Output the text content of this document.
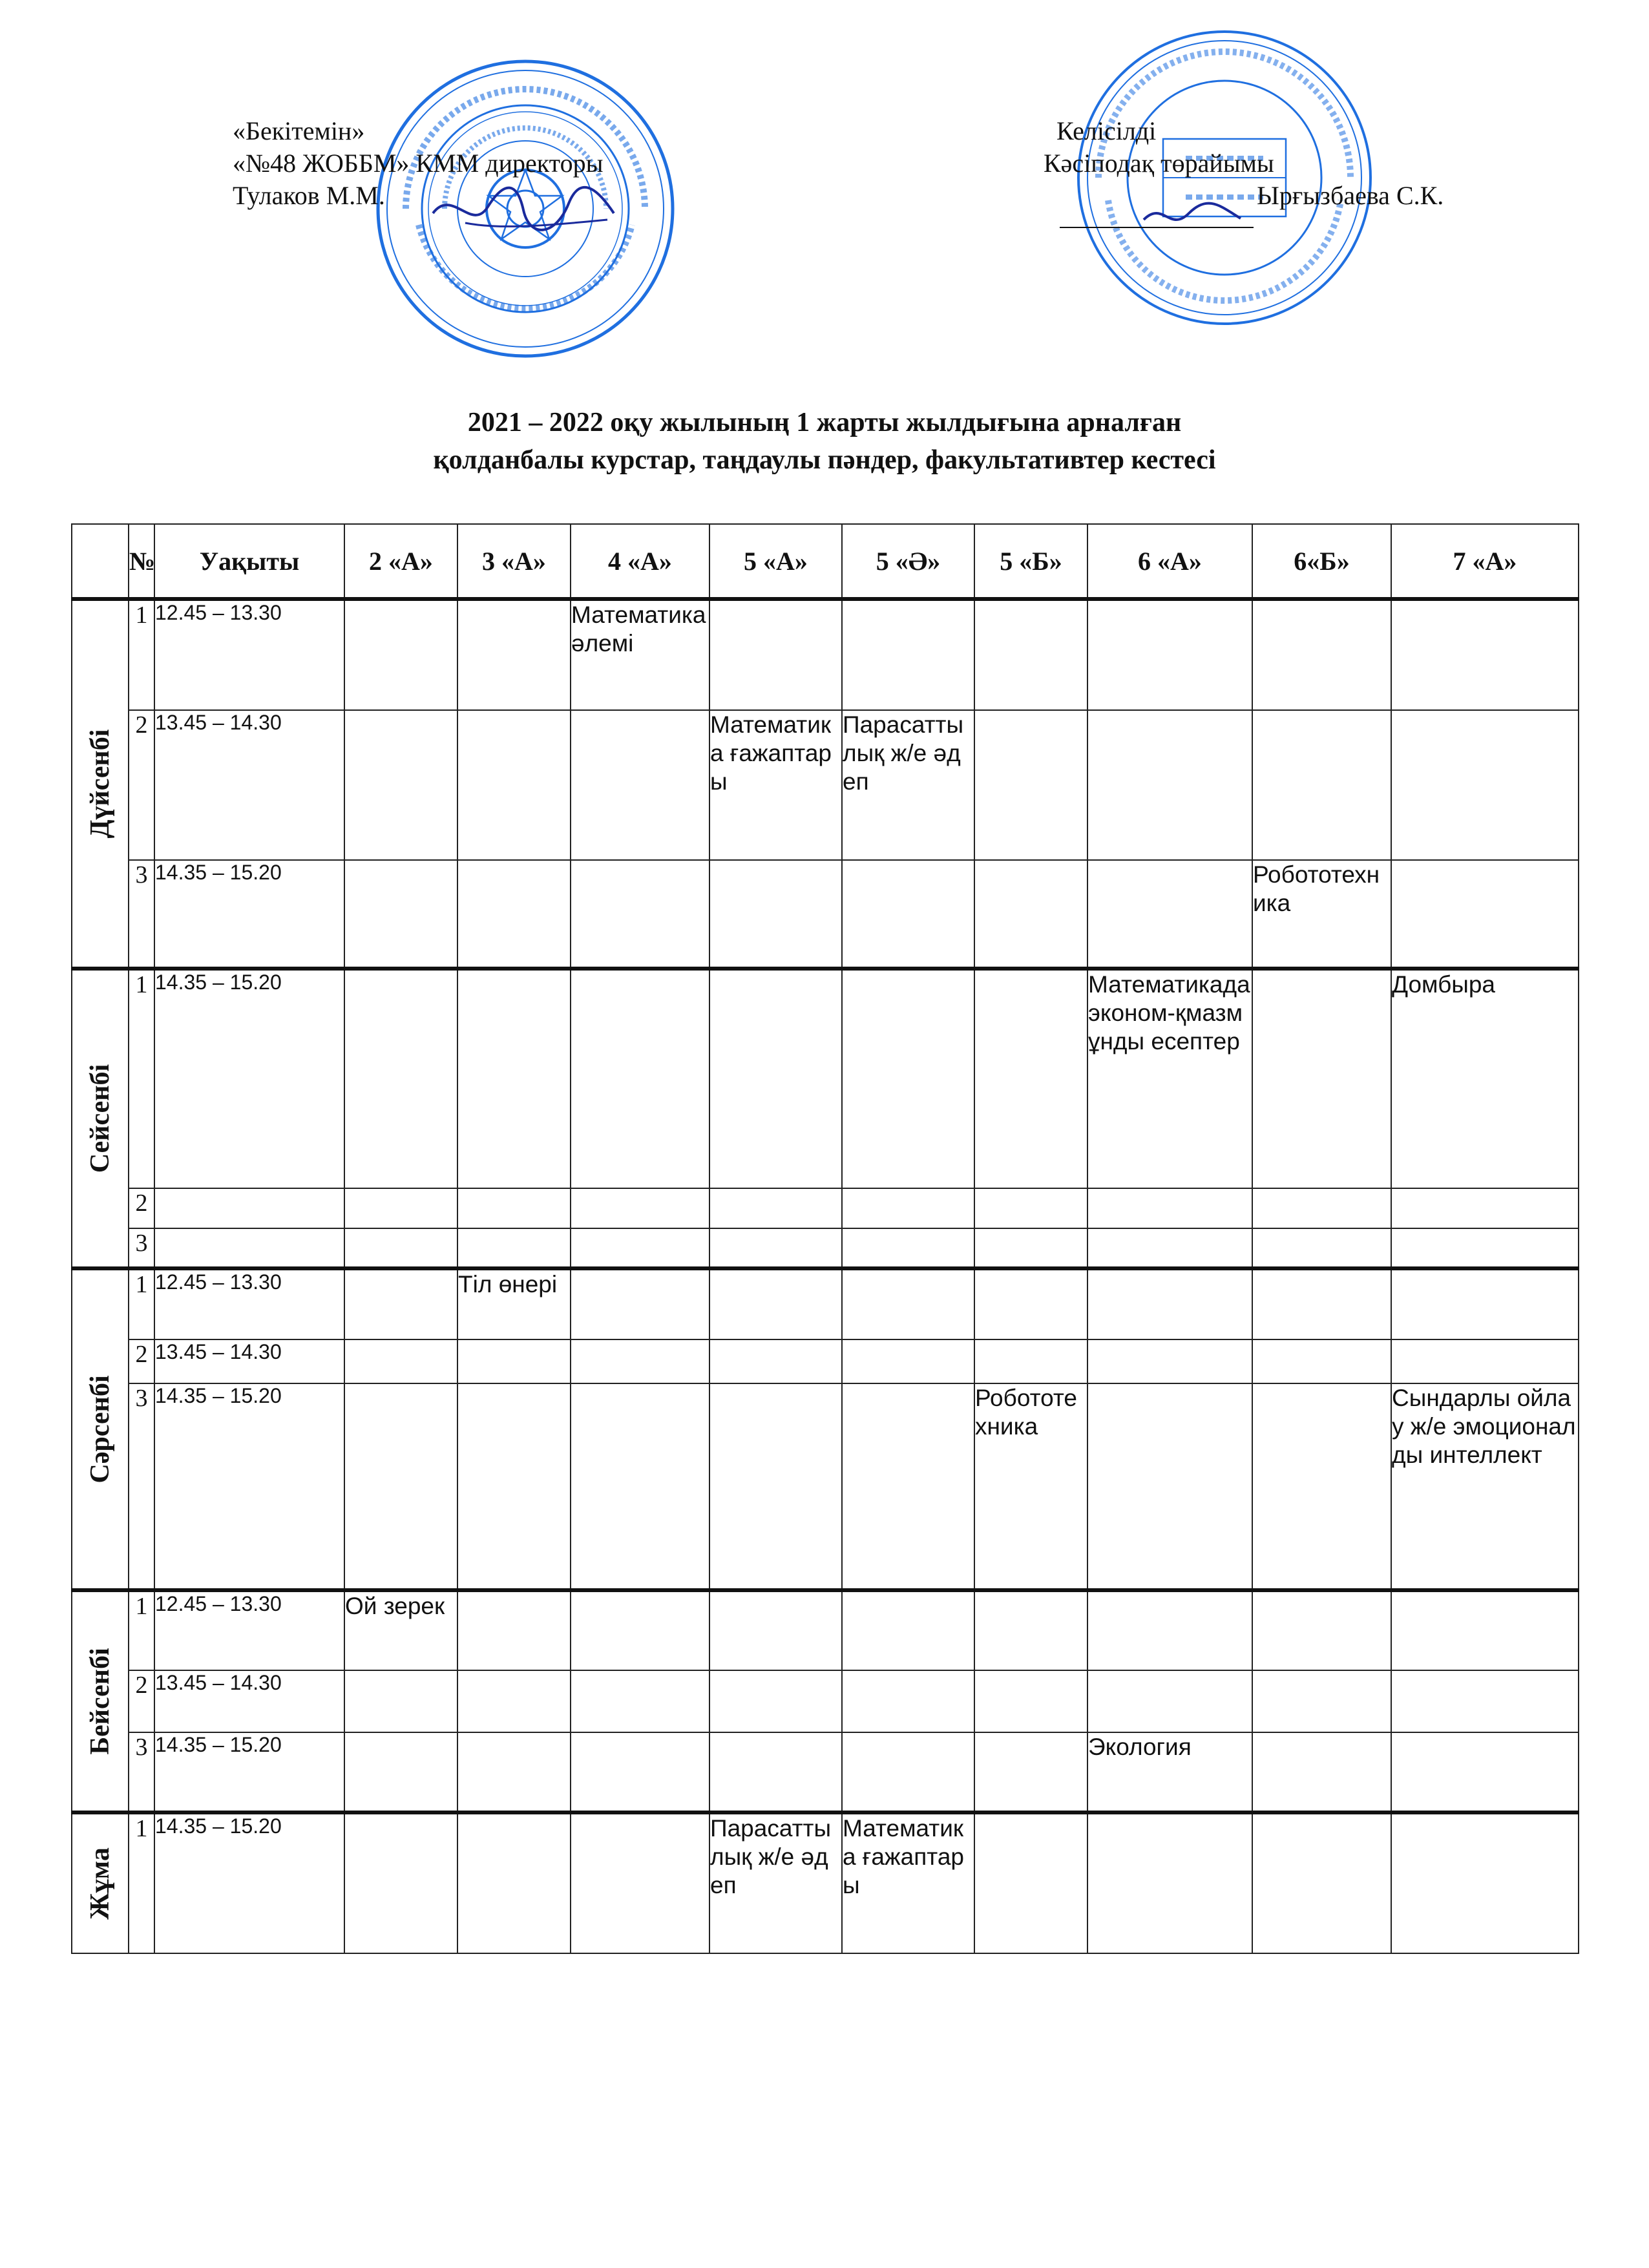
«Бекітемін»
«№48 ЖОББМ» КММ директоры
Тулаков М.М.
Келісілді
Кәсіподақ төрайымы
Ырғызбаева С.К.
2021 – 2022 оқу жылының 1 жарты жылдығына арналған
қолданбалы курстар, таңдаулы пәндер, факультативтер кестесі
	№	Уақыты	2 «А»	3 «А»	4 «А»	5 «А»	5 «Ә»	5 «Б»	6 «А»	6«Б»	7 «А»

Дүйсенбі	1	12.45 – 13.30			Математика әлемі						
	2	13.45 – 14.30				Математика ғажаптары	Парасаттылық ж/е әдеп				
	3	14.35 – 15.20								Робототехника	

Сейсенбі	1	14.35 – 15.20							Математикада эконом-қмазмұнды есептер		Домбыра
	2										
	3										

Сәрсенбі	1	12.45 – 13.30		Тіл өнері							
	2	13.45 – 14.30									
	3	14.35 – 15.20						Робототехника			Сындарлы ойлау ж/е эмоционалды интеллект

Бейсенбі	1	12.45 – 13.30	Ой зерек								
	2	13.45 – 14.30									
	3	14.35 – 15.20							Экология		

Жұма	1	14.35 – 15.20				Парасаттылық ж/е әдеп	Математика ғажаптары				
